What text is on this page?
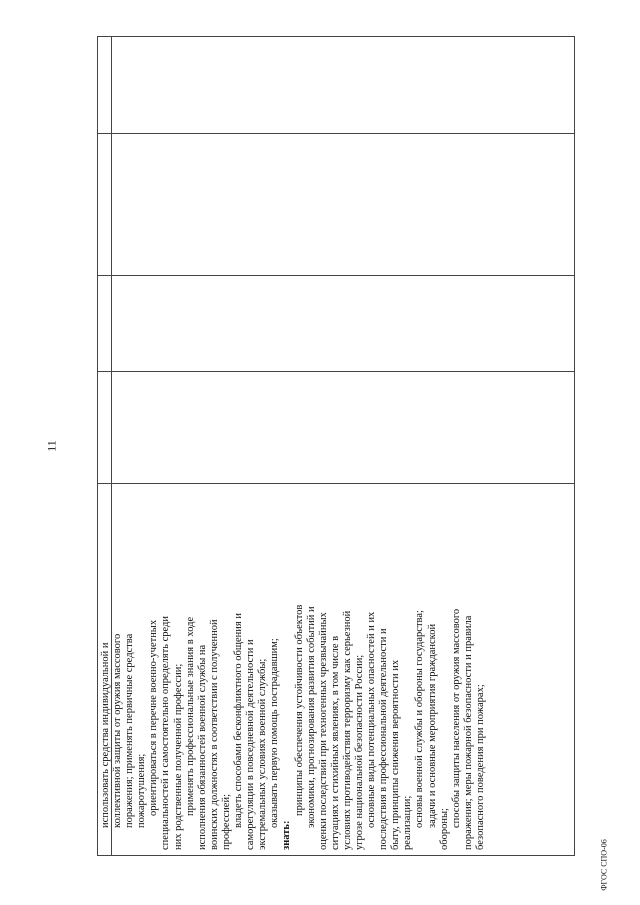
11
использовать средства индивидуальной и коллективной защиты от оружия массового поражения; применять первичные средства пожаротушения; ориентироваться в перечне военно-учетных специальностей и самостоятельно определять среди них родственные полученной профессии; применять профессиональные знания в ходе исполнения обязанностей военной службы на воинских должностях в соответствии с полученной профессией; владеть способами бесконфликтного общения и саморегуляции в повседневной деятельности и экстремальных условиях военной службы; оказывать первую помощь пострадавшим;
знать:
принципы обеспечения устойчивости объектов экономики, прогнозирования развития событий и оценки последствий при техногенных чрезвычайных ситуациях и стихийных явлениях, в том числе в условиях противодействия терроризму как серьезной угрозе национальной безопасности России; основные виды потенциальных опасностей и их последствия в профессиональной деятельности и быту, принципы снижения вероятности их реализации; основы военной службы и обороны государства; задачи и основные мероприятия гражданской
обороны;
способы защиты населения от оружия массового поражения; меры пожарной безопасности и правила безопасного поведения при пожарах;
ФГОС СПО-06
